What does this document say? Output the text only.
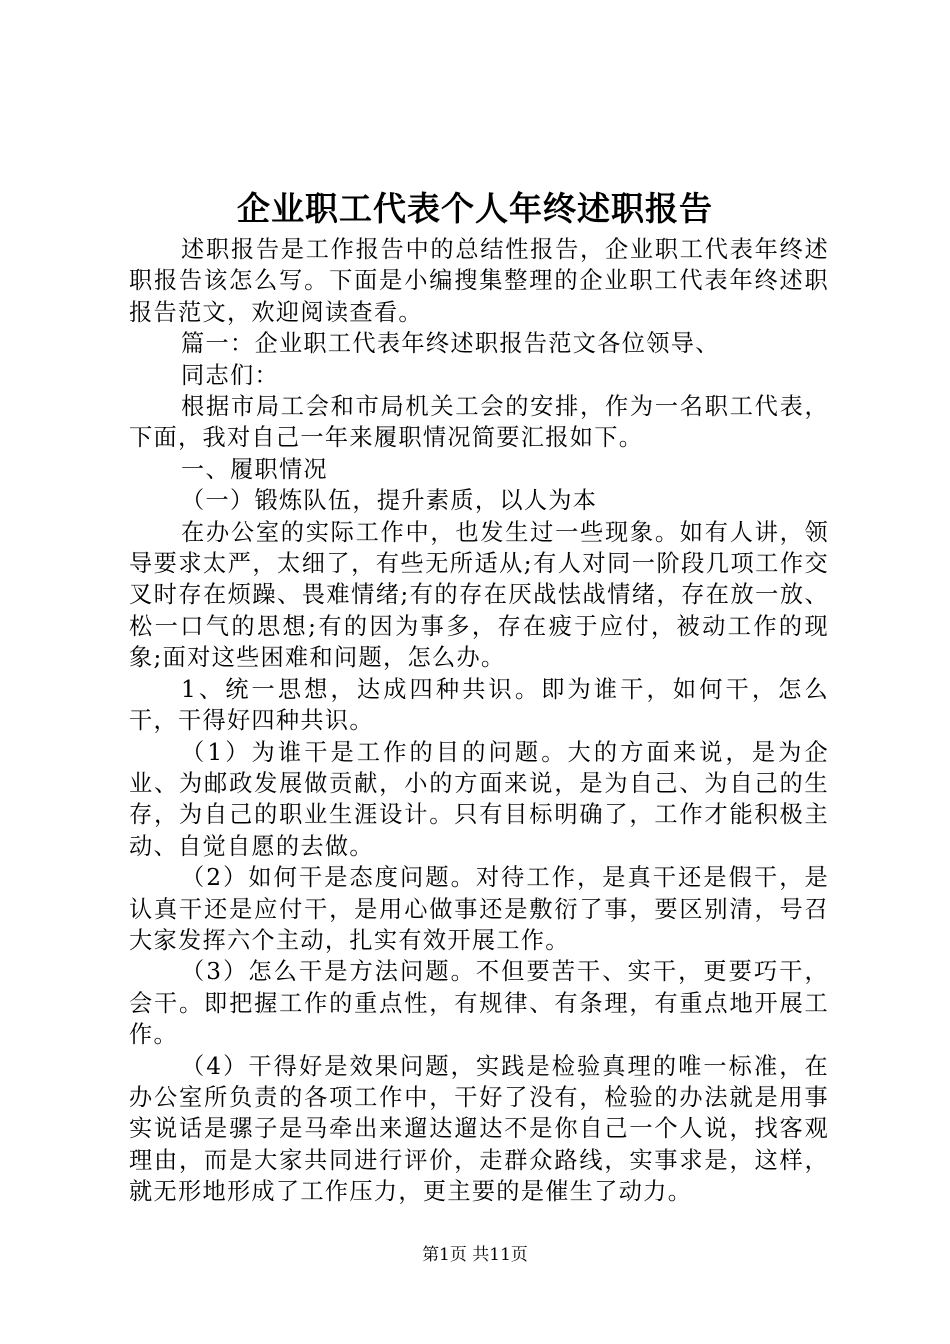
企业职工代表个人年终述职报告

述职报告是工作报告中的总结性报告，企业职工代表年终述职报告该怎么写。下面是小编搜集整理的企业职工代表年终述职报告范文，欢迎阅读查看。

篇一：企业职工代表年终述职报告范文各位领导、

同志们：

根据市局工会和市局机关工会的安排，作为一名职工代表，下面，我对自己一年来履职情况简要汇报如下。

一、履职情况

（一）锻炼队伍，提升素质，以人为本

在办公室的实际工作中，也发生过一些现象。如有人讲，领导要求太严，太细了，有些无所适从;有人对同一阶段几项工作交叉时存在烦躁、畏难情绪;有的存在厌战怯战情绪，存在放一放、松一口气的思想;有的因为事多，存在疲于应付，被动工作的现象;面对这些困难和问题，怎么办。

1、统一思想，达成四种共识。即为谁干，如何干，怎么干，干得好四种共识。

（1）为谁干是工作的目的问题。大的方面来说，是为企业、为邮政发展做贡献，小的方面来说，是为自己、为自己的生存，为自己的职业生涯设计。只有目标明确了，工作才能积极主动、自觉自愿的去做。

（2）如何干是态度问题。对待工作，是真干还是假干，是认真干还是应付干，是用心做事还是敷衍了事，要区别清，号召大家发挥六个主动，扎实有效开展工作。

（3）怎么干是方法问题。不但要苦干、实干，更要巧干，会干。即把握工作的重点性，有规律、有条理，有重点地开展工作。

（4）干得好是效果问题，实践是检验真理的唯一标准，在办公室所负责的各项工作中，干好了没有，检验的办法就是用事实说话是骡子是马牵出来遛达遛达不是你自己一个人说，找客观理由，而是大家共同进行评价，走群众路线，实事求是，这样，就无形地形成了工作压力，更主要的是催生了动力。

第1页 共11页
